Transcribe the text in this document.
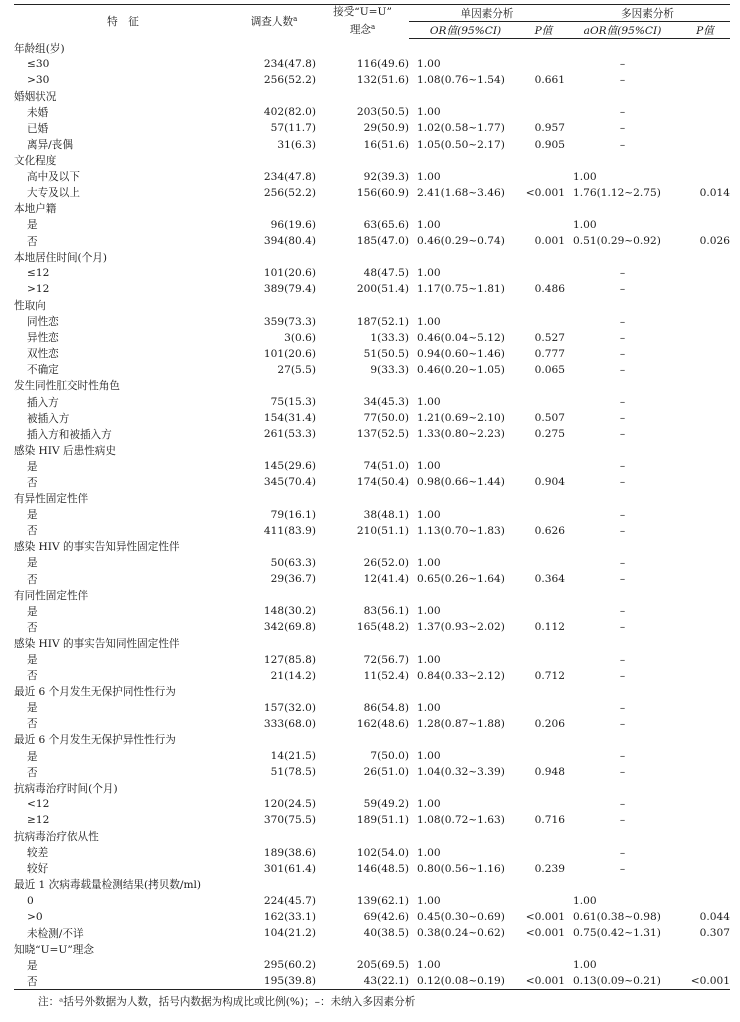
特　征	调查人数$^a$	接受“U=U”
理念$^a$	单因素分析		多因素分析	
			OR值(95%CI)	P值	aOR值(95%CI)	P值
年龄组(岁)						
≤30	234(47.8)	116(49.6)	1.00		–	
>30	256(52.2)	132(51.6)	1.08(0.76~1.54)	0.661	–	
婚姻状况						
未婚	402(82.0)	203(50.5)	1.00		–	
已婚	57(11.7)	29(50.9)	1.02(0.58~1.77)	0.957	–	
离异/丧偶	31(6.3)	16(51.6)	1.05(0.50~2.17)	0.905	–	
文化程度						
高中及以下	234(47.8)	92(39.3)	1.00		1.00	
大专及以上	256(52.2)	156(60.9)	2.41(1.68~3.46)	<0.001	1.76(1.12~2.75)	0.014
本地户籍						
是	96(19.6)	63(65.6)	1.00		1.00	
否	394(80.4)	185(47.0)	0.46(0.29~0.74)	0.001	0.51(0.29~0.92)	0.026
本地居住时间(个月)						
≤12	101(20.6)	48(47.5)	1.00		–	
>12	389(79.4)	200(51.4)	1.17(0.75~1.81)	0.486	–	
性取向						
同性恋	359(73.3)	187(52.1)	1.00		–	
异性恋	3(0.6)	1(33.3)	0.46(0.04~5.12)	0.527	–	
双性恋	101(20.6)	51(50.5)	0.94(0.60~1.46)	0.777	–	
不确定	27(5.5)	9(33.3)	0.46(0.20~1.05)	0.065	–	
发生同性肛交时性角色						
插入方	75(15.3)	34(45.3)	1.00		–	
被插入方	154(31.4)	77(50.0)	1.21(0.69~2.10)	0.507	–	
插入方和被插入方	261(53.3)	137(52.5)	1.33(0.80~2.23)	0.275	–	
感染 HIV 后患性病史						
是	145(29.6)	74(51.0)	1.00		–	
否	345(70.4)	174(50.4)	0.98(0.66~1.44)	0.904	–	
有异性固定性伴						
是	79(16.1)	38(48.1)	1.00		–	
否	411(83.9)	210(51.1)	1.13(0.70~1.83)	0.626	–	
感染 HIV 的事实告知异性固定性伴						
是	50(63.3)	26(52.0)	1.00		–	
否	29(36.7)	12(41.4)	0.65(0.26~1.64)	0.364	–	
有同性固定性伴						
是	148(30.2)	83(56.1)	1.00		–	
否	342(69.8)	165(48.2)	1.37(0.93~2.02)	0.112	–	
感染 HIV 的事实告知同性固定性伴						
是	127(85.8)	72(56.7)	1.00		–	
否	21(14.2)	11(52.4)	0.84(0.33~2.12)	0.712	–	
最近 6 个月发生无保护同性性行为						
是	157(32.0)	86(54.8)	1.00		–	
否	333(68.0)	162(48.6)	1.28(0.87~1.88)	0.206	–	
最近 6 个月发生无保护异性性行为						
是	14(21.5)	7(50.0)	1.00		–	
否	51(78.5)	26(51.0)	1.04(0.32~3.39)	0.948	–	
抗病毒治疗时间(个月)						
<12	120(24.5)	59(49.2)	1.00		–	
≥12	370(75.5)	189(51.1)	1.08(0.72~1.63)	0.716	–	
抗病毒治疗依从性						
较差	189(38.6)	102(54.0)	1.00		–	
较好	301(61.4)	146(48.5)	0.80(0.56~1.16)	0.239	–	
最近 1 次病毒载量检测结果(拷贝数/ml)						
0	224(45.7)	139(62.1)	1.00		1.00	
>0	162(33.1)	69(42.6)	0.45(0.30~0.69)	<0.001	0.61(0.38~0.98)	0.044
未检测/不详	104(21.2)	40(38.5)	0.38(0.24~0.62)	<0.001	0.75(0.42~1.31)	0.307
知晓“U=U”理念						
是	295(60.2)	205(69.5)	1.00		1.00	
否	195(39.8)	43(22.1)	0.12(0.08~0.19)	<0.001	0.13(0.09~0.21)	<0.001
注：ᵃ括号外数据为人数，括号内数据为构成比或比例(%)；–：未纳入多因素分析
